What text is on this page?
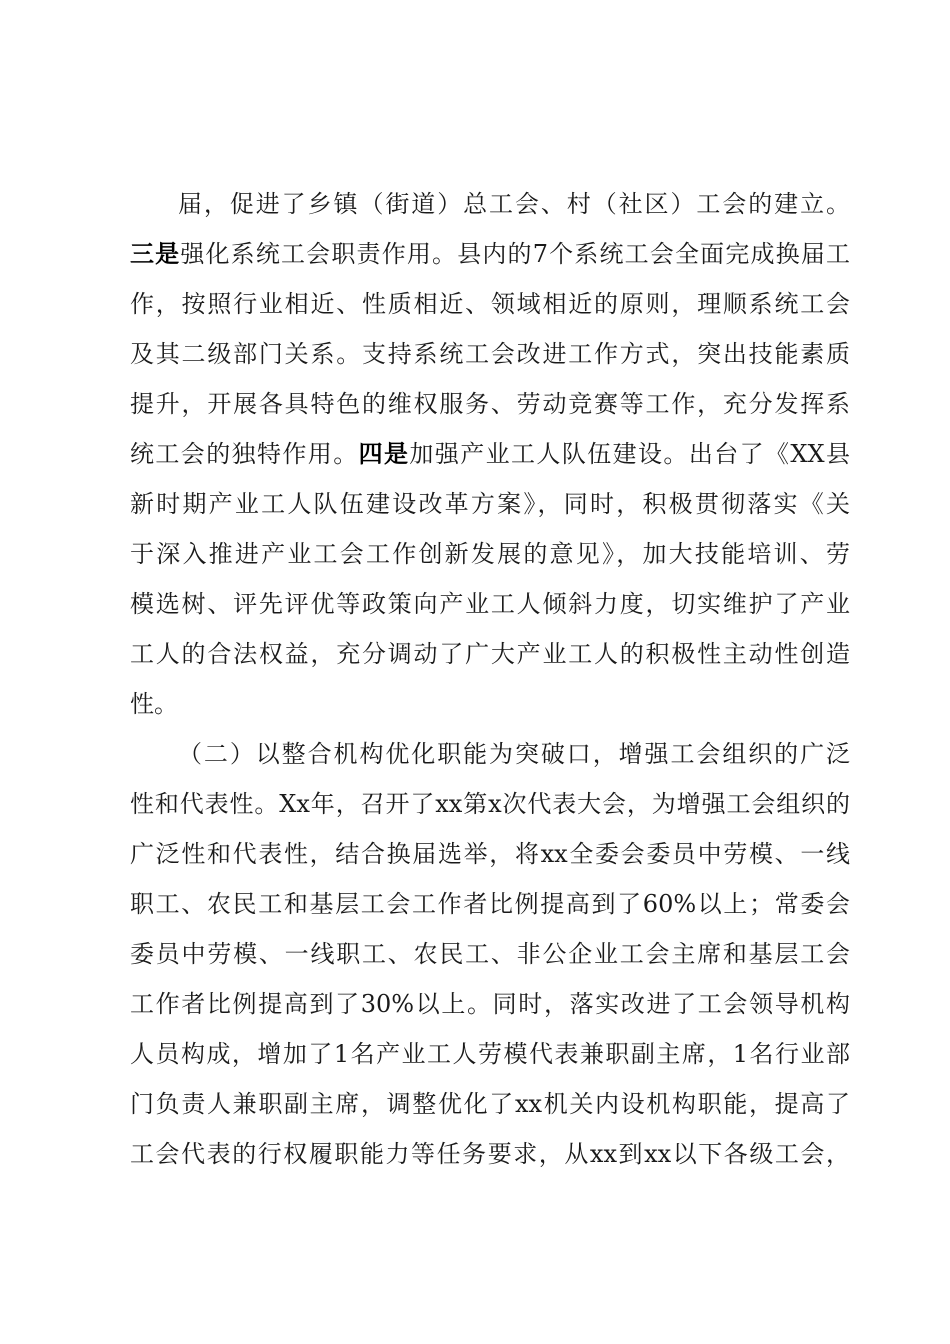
届，促进了乡镇（街道）总工会、村（社区）工会的建立。
三是强化系统工会职责作用。县内的7个系统工会全面完成换届工
作，按照行业相近、性质相近、领域相近的原则，理顺系统工会
及其二级部门关系。支持系统工会改进工作方式，突出技能素质
提升，开展各具特色的维权服务、劳动竞赛等工作，充分发挥系
统工会的独特作用。四是加强产业工人队伍建设。出台了《XX县
新时期产业工人队伍建设改革方案》，同时，积极贯彻落实《关
于深入推进产业工会工作创新发展的意见》，加大技能培训、劳
模选树、评先评优等政策向产业工人倾斜力度，切实维护了产业
工人的合法权益，充分调动了广大产业工人的积极性主动性创造
性。
（二）以整合机构优化职能为突破口，增强工会组织的广泛
性和代表性。Xx年，召开了xx第x次代表大会，为增强工会组织的
广泛性和代表性，结合换届选举，将xx全委会委员中劳模、一线
职工、农民工和基层工会工作者比例提高到了60%以上；常委会
委员中劳模、一线职工、农民工、非公企业工会主席和基层工会
工作者比例提高到了30%以上。同时，落实改进了工会领导机构
人员构成，增加了1名产业工人劳模代表兼职副主席，1名行业部
门负责人兼职副主席，调整优化了xx机关内设机构职能，提高了
工会代表的行权履职能力等任务要求，从xx到xx以下各级工会，
